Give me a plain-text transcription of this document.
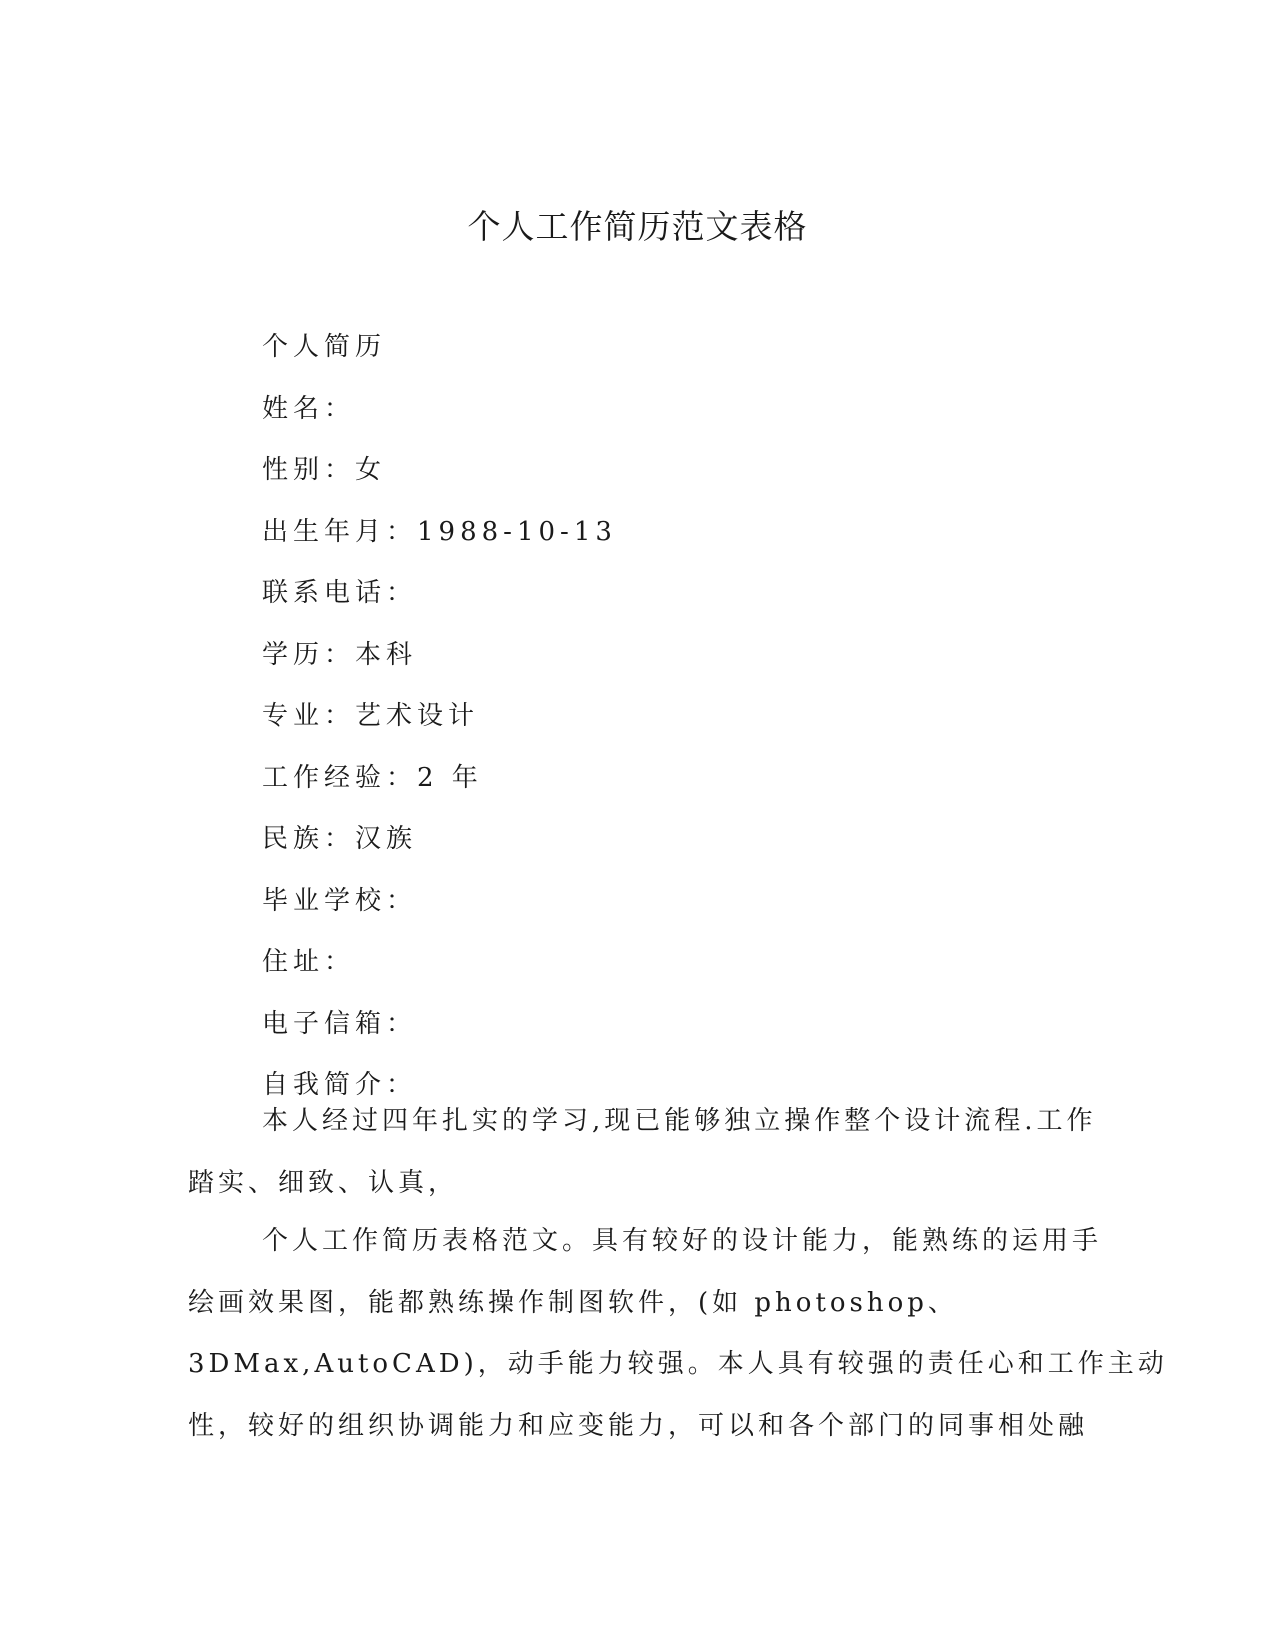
个人工作简历范文表格
个人简历
姓名：
性别：女
出生年月：1988-10-13
联系电话：
学历：本科
专业：艺术设计
工作经验：2 年
民族：汉族
毕业学校：
住址：
电子信箱：
自我简介：
本人经过四年扎实的学习,现已能够独立操作整个设计流程.工作
踏实、细致、认真，
个人工作简历表格范文。具有较好的设计能力，能熟练的运用手
绘画效果图，能都熟练操作制图软件，(如 photoshop、
3DMax,AutoCAD)，动手能力较强。本人具有较强的责任心和工作主动
性，较好的组织协调能力和应变能力，可以和各个部门的同事相处融
